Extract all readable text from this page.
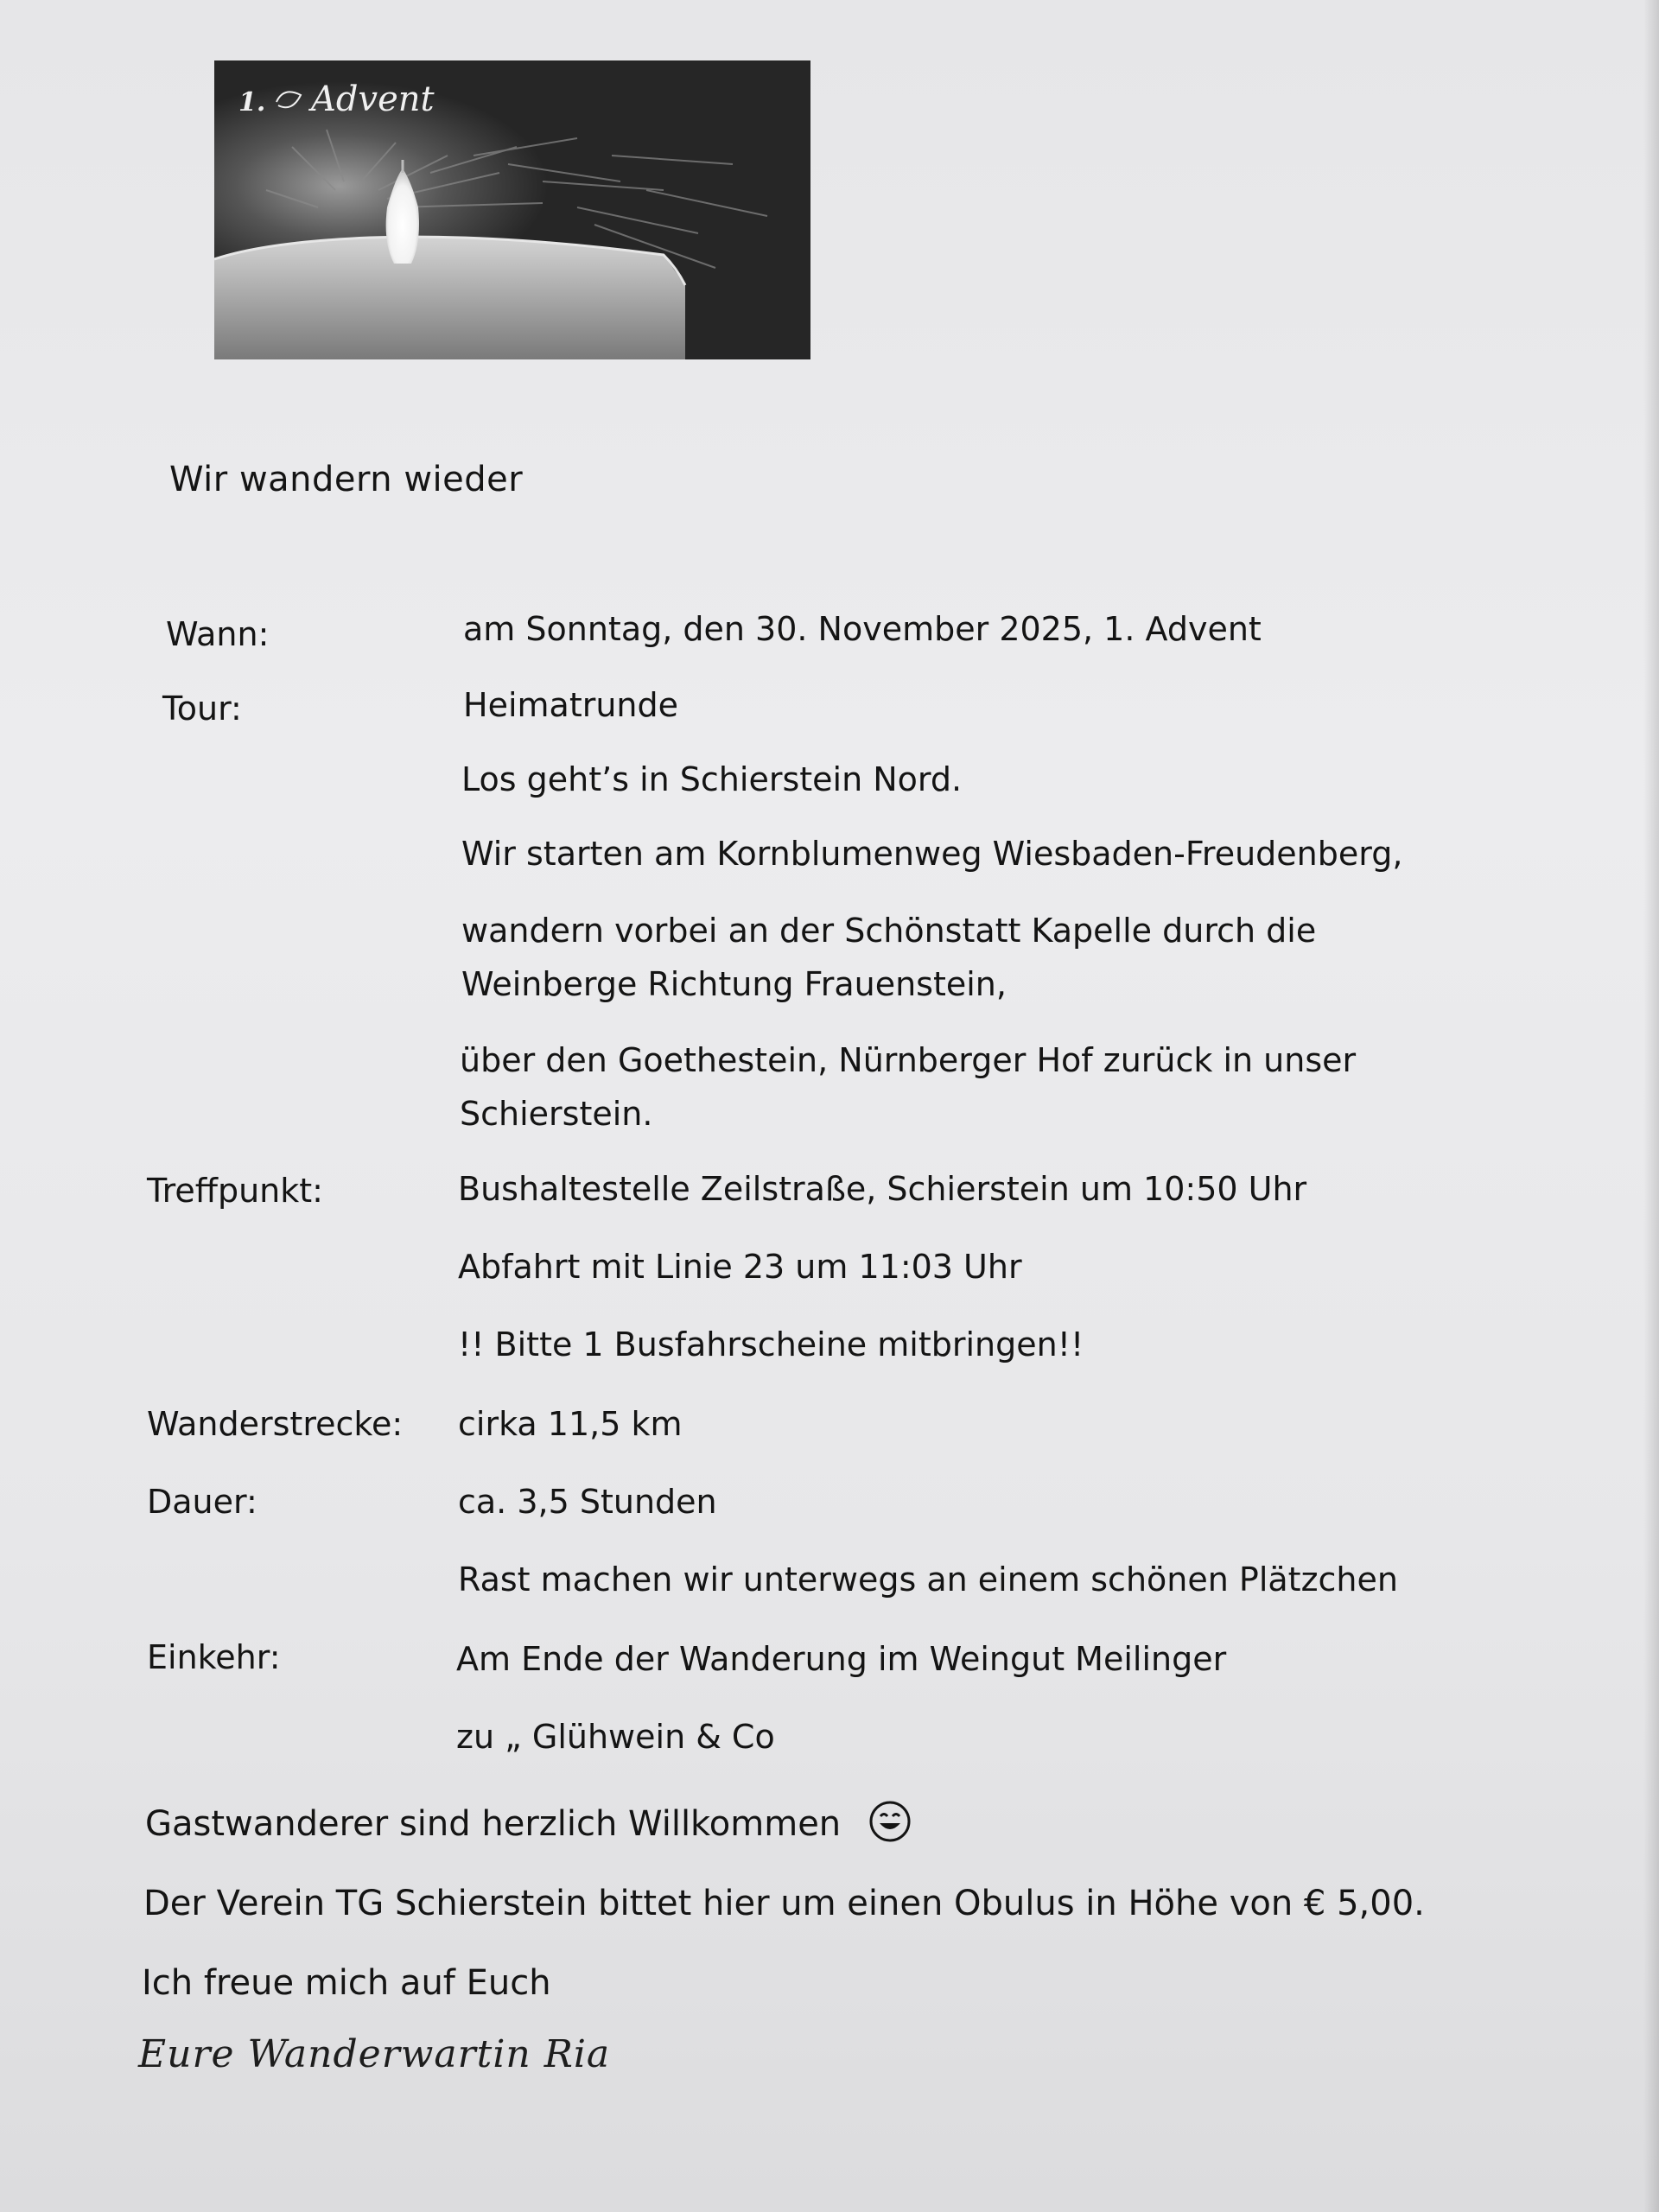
1. Advent
Wir wandern wieder
Wann:	am Sonntag, den 30. November 2025, 1. Advent
Tour:	Heimatrunde
Los geht’s in Schierstein Nord.
Wir starten am Kornblumenweg Wiesbaden-Freudenberg,
wandern vorbei an der Schönstatt Kapelle durch die Weinberge Richtung Frauenstein,
über den Goethestein, Nürnberger Hof zurück in unser Schierstein.
Treffpunkt:	Bushaltestelle Zeilstraße, Schierstein um 10:50 Uhr
Abfahrt mit Linie 23 um 11:03 Uhr
!! Bitte 1 Busfahrscheine mitbringen!!
Wanderstrecke: cirka 11,5 km
Dauer:	ca. 3,5 Stunden
Rast machen wir unterwegs an einem schönen Plätzchen
Einkehr:	Am Ende der Wanderung im Weingut Meilinger
zu „ Glühwein & Co
Gastwanderer sind herzlich Willkommen
Der Verein TG Schierstein bittet hier um einen Obulus in Höhe von € 5,00.
Ich freue mich auf Euch
Eure Wanderwartin Ria
